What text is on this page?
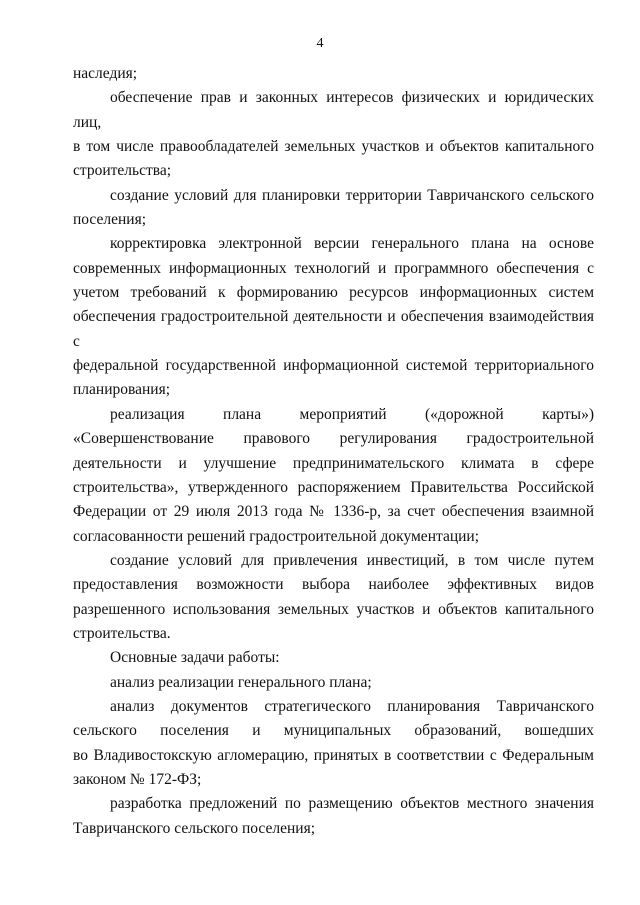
4
наследия;
обеспечение прав и законных интересов физических и юридических лиц,
в том числе правообладателей земельных участков и объектов капитального
строительства;
создание условий для планировки территории Тавричанского сельского
поселения;
корректировка электронной версии генерального плана на основе
современных информационных технологий и программного обеспечения с
учетом требований к формированию ресурсов информационных систем
обеспечения градостроительной деятельности и обеспечения взаимодействия с
федеральной государственной информационной системой территориального
планирования;
реализация плана мероприятий («дорожной карты»)
«Совершенствование правового регулирования градостроительной
деятельности и улучшение предпринимательского климата в сфере
строительства», утвержденного распоряжением Правительства Российской
Федерации от 29 июля 2013 года № 1336-р, за счет обеспечения взаимной
согласованности решений градостроительной документации;
создание условий для привлечения инвестиций, в том числе путем
предоставления возможности выбора наиболее эффективных видов
разрешенного использования земельных участков и объектов капитального
строительства.
Основные задачи работы:
анализ реализации генерального плана;
анализ документов стратегического планирования Тавричанского
сельского поселения и муниципальных образований, вошедших
во Владивостокскую агломерацию, принятых в соответствии с Федеральным
законом № 172-ФЗ;
разработка предложений по размещению объектов местного значения
Тавричанского сельского поселения;
